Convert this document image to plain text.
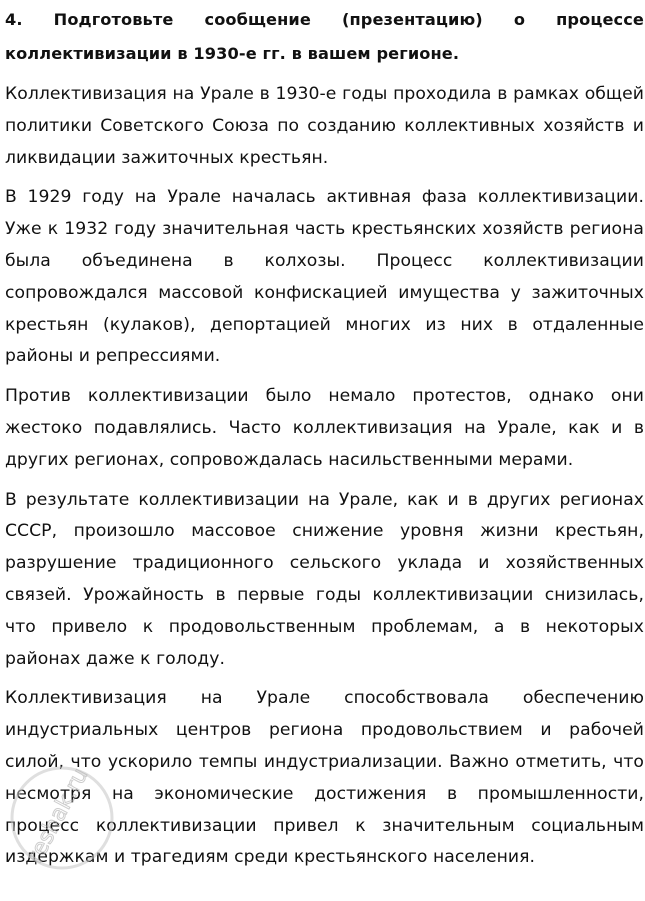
4. Подготовьте сообщение (презентацию) о процессе коллективизации в 1930-е гг. в вашем регионе.

Коллективизация на Урале в 1930-е годы проходила в рамках общей политики Советского Союза по созданию коллективных хозяйств и ликвидации зажиточных крестьян.

В 1929 году на Урале началась активная фаза коллективизации. Уже к 1932 году значительная часть крестьянских хозяйств региона была объединена в колхозы. Процесс коллективизации сопровождался массовой конфискацией имущества у зажиточных крестьян (кулаков), депортацией многих из них в отдаленные районы и репрессиями.

Против коллективизации было немало протестов, однако они жестоко подавлялись. Часто коллективизация на Урале, как и в других регионах, сопровождалась насильственными мерами.

В результате коллективизации на Урале, как и в других регионах СССР, произошло массовое снижение уровня жизни крестьян, разрушение традиционного сельского уклада и хозяйственных связей. Урожайность в первые годы коллективизации снизилась, что привело к продовольственным проблемам, а в некоторых районах даже к голоду.

Коллективизация на Урале способствовала обеспечению индустриальных центров региона продовольствием и рабочей силой, что ускорило темпы индустриализации. Важно отметить, что несмотря на экономические достижения в промышленности, процесс коллективизации привел к значительным социальным издержкам и трагедиям среди крестьянского населения.

reshak.ru
